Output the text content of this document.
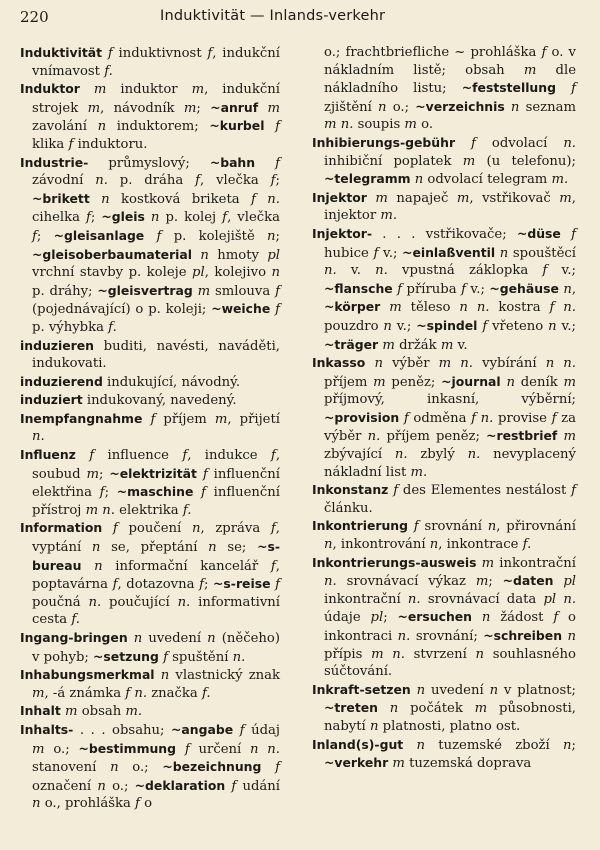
220	Induktivität — Inlands-verkehr

Induktivität f induktivnost f, indukční vnímavost f.

Induktor m induktor m, indukční strojek m, návodník m; ~anruf m zavolání n induktorem; ~kurbel f klika f induktoru.

Industrie- průmyslový; ~bahn f závodní n. p. dráha f, vlečka f; ~brikett n kostková briketa f n. cihelka f; ~gleis n p. kolej f, vlečka f; ~gleisanlage f p. kolejiště n; ~gleisoberbaumaterial n hmoty pl vrchní stavby p. koleje pl, kolejivo n p. dráhy; ~gleisvertrag m smlouva f (pojednávající) o p. koleji; ~weiche f p. výhybka f.

induzieren buditi, navésti, naváděti, indukovati.

induzierend indukující, návodný.

induziert indukovaný, navedený.

Inempfangnahme f příjem m, přijetí n.

Influenz f influence f, indukce f, soubud m; ~elektrizität f influenční elektřina f; ~maschine f influenční přístroj m n. elektrika f.

Information f poučení n, zpráva f, vyptání n se, přeptání n se; ~s-bureau n informační kancelář f, poptavárna f, dotazovna f; ~s-reise f poučná n. poučující n. informativní cesta f.

Ingang-bringen n uvedení n (něčeho) v pohyb; ~setzung f spuštění n.

Inhabungsmerkmal n vlastnický znak m, -á známka f n. značka f.

Inhalt m obsah m.

Inhalts- . . . obsahu; ~angabe f údaj m o.; ~bestimmung f určení n n. stanovení n o.; ~bezeichnung f označení n o.; ~deklaration f udání n o., prohláška f o

o.; frachtbriefliche ~ prohláška f o. v nákladním listě; obsah m dle nákladního listu; ~feststellung f zjištění n o.; ~verzeichnis n seznam m n. soupis m o.

Inhibierungs-gebühr f odvolací n. inhibiční poplatek m (u telefonu); ~telegramm n odvolací telegram m.

Injektor m napaječ m, vstřikovač m, injektor m.

Injektor- . . . vstřikovače; ~düse f hubice f v.; ~einlaßventil n spouštěcí n. v. n. vpustná záklopka f v.; ~flansche f příruba f v.; ~gehäuse n, ~körper m těleso n n. kostra f n. pouzdro n v.; ~spindel f vřeteno n v.; ~träger m držák m v.

Inkasso n výběr m n. vybírání n n. příjem m peněz; ~journal n deník m příjmový, inkasní, výběrní; ~provision f odměna f n. provise f za výběr n. příjem peněz; ~restbrief m zbývající n. zbylý n. nevyplacený nákladní list m.

Inkonstanz f des Elementes nestálost f článku.

Inkontrierung f srovnání n, přirovnání n, inkontrování n, inkontrace f.

Inkontrierungs-ausweis m inkontrační n. srovnávací výkaz m; ~daten pl inkontrační n. srovnávací data pl n. údaje pl; ~ersuchen n žádost f o inkontraci n. srovnání; ~schreiben n přípis m n. stvrzení n souhlasného súčtování.

Inkraft-setzen n uvedení n v platnost; ~treten n počátek m působnosti, nabytí n platnosti, platno ost.

Inland(s)-gut n tuzemské zboží n; ~verkehr m tuzemská doprava
